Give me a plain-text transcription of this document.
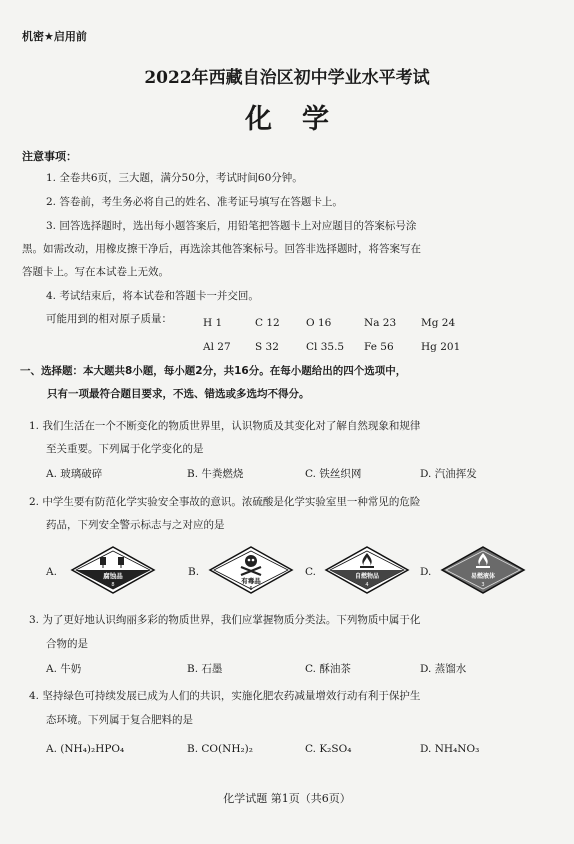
机密★启用前
2022年西藏自治区初中学业水平考试
化学
注意事项：
1. 全卷共6页，三大题，满分50分，考试时间60分钟。
2. 答卷前，考生务必将自己的姓名、准考证号填写在答题卡上。
3. 回答选择题时，选出每小题答案后，用铅笔把答题卡上对应题目的答案标号涂
黑。如需改动，用橡皮擦干净后，再选涂其他答案标号。回答非选择题时，将答案写在
答题卡上。写在本试卷上无效。
4. 考试结束后，将本试卷和答题卡一并交回。
可能用到的相对原子质量：	H 1	C 12	O 16	Na 23 Mg 24
Al 27 S 32	Cl 35.5 Fe 56	Hg 201
一、选择题：本大题共8小题，每小题2分，共16分。在每小题给出的四个选项中，
只有一项最符合题目要求，不选、错选或多选均不得分。
1. 我们生活在一个不断变化的物质世界里，认识物质及其变化对了解自然现象和规律
至关重要。下列属于化学变化的是
A. 玻璃破碎	B. 牛粪燃烧	C. 铁丝织网	D. 汽油挥发
2. 中学生要有防范化学实验安全事故的意识。浓硫酸是化学实验室里一种常见的危险
药品，下列安全警示标志与之对应的是
A.	B.	C.	D.
腐蚀品
8	有毒品
6
自燃物品
4
易燃液体
3
3. 为了更好地认识绚丽多彩的物质世界，我们应掌握物质分类法。下列物质中属于化
合物的是
A. 牛奶	B. 石墨	C. 酥油茶	D. 蒸馏水
4. 坚持绿色可持续发展已成为人们的共识，实施化肥农药减量增效行动有利于保护生
态环境。下列属于复合肥料的是
A. (NH₄)₂HPO₄	B. CO(NH₂)₂	C. K₂SO₄	D. NH₄NO₃
化学试题 第1页（共6页）
